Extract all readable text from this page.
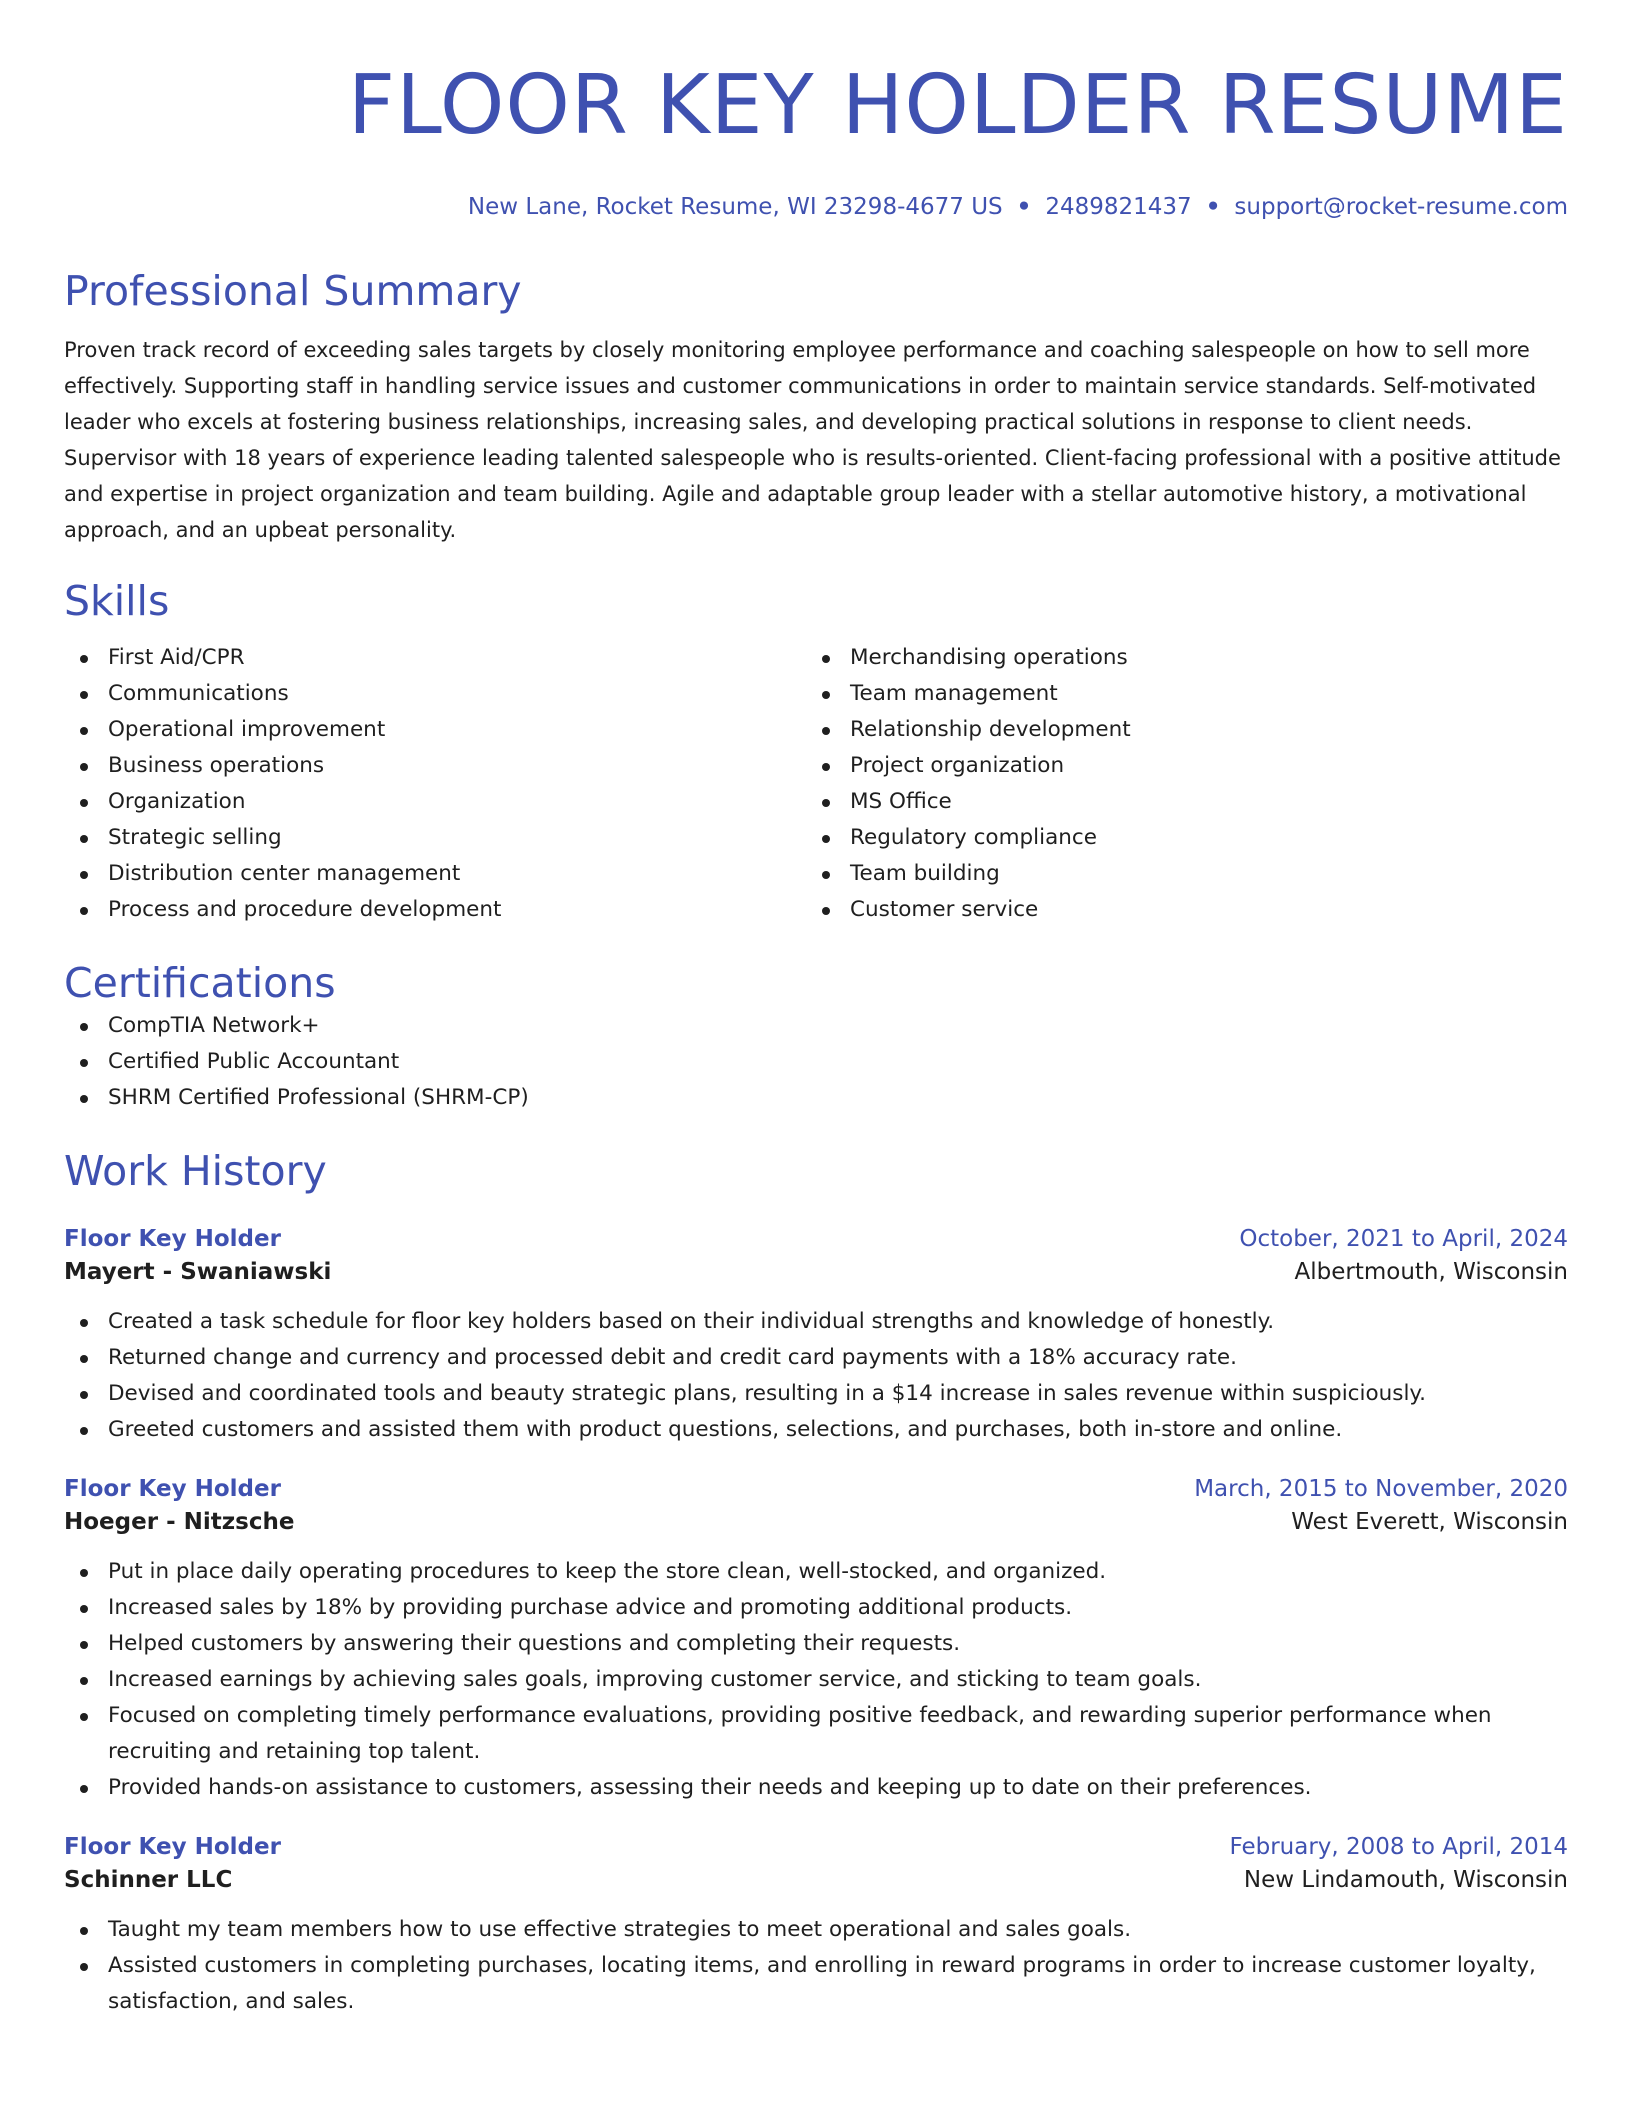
FLOOR KEY HOLDER RESUME
New Lane, Rocket Resume, WI 23298-4677 US • 2489821437 • support@rocket-resume.com
Professional Summary

Proven track record of exceeding sales targets by closely monitoring employee performance and coaching salespeople on how to sell more effectively. Supporting staff in handling service issues and customer communications in order to maintain service standards. Self-motivated leader who excels at fostering business relationships, increasing sales, and developing practical solutions in response to client needs. Supervisor with 18 years of experience leading talented salespeople who is results-oriented. Client-facing professional with a positive attitude and expertise in project organization and team building. Agile and adaptable group leader with a stellar automotive history, a motivational approach, and an upbeat personality.

Skills
First Aid/CPR
Communications
Operational improvement
Business operations
Organization
Strategic selling
Distribution center management
Process and procedure development
Merchandising operations
Team management
Relationship development
Project organization
MS Office
Regulatory compliance
Team building
Customer service
Certifications
CompTIA Network+
Certified Public Accountant
SHRM Certified Professional (SHRM-CP)
Work History
Floor Key Holder	October, 2021 to April, 2024
Mayert - Swaniawski	Albertmouth, Wisconsin
Created a task schedule for floor key holders based on their individual strengths and knowledge of honestly.
Returned change and currency and processed debit and credit card payments with a 18% accuracy rate.
Devised and coordinated tools and beauty strategic plans, resulting in a $14 increase in sales revenue within suspiciously.
Greeted customers and assisted them with product questions, selections, and purchases, both in-store and online.
Floor Key Holder	March, 2015 to November, 2020
Hoeger - Nitzsche	West Everett, Wisconsin
Put in place daily operating procedures to keep the store clean, well-stocked, and organized.
Increased sales by 18% by providing purchase advice and promoting additional products.
Helped customers by answering their questions and completing their requests.
Increased earnings by achieving sales goals, improving customer service, and sticking to team goals.
Focused on completing timely performance evaluations, providing positive feedback, and rewarding superior performance when recruiting and retaining top talent.
Provided hands-on assistance to customers, assessing their needs and keeping up to date on their preferences.
Floor Key Holder	February, 2008 to April, 2014
Schinner LLC	New Lindamouth, Wisconsin
Taught my team members how to use effective strategies to meet operational and sales goals.
Assisted customers in completing purchases, locating items, and enrolling in reward programs in order to increase customer loyalty, satisfaction, and sales.
